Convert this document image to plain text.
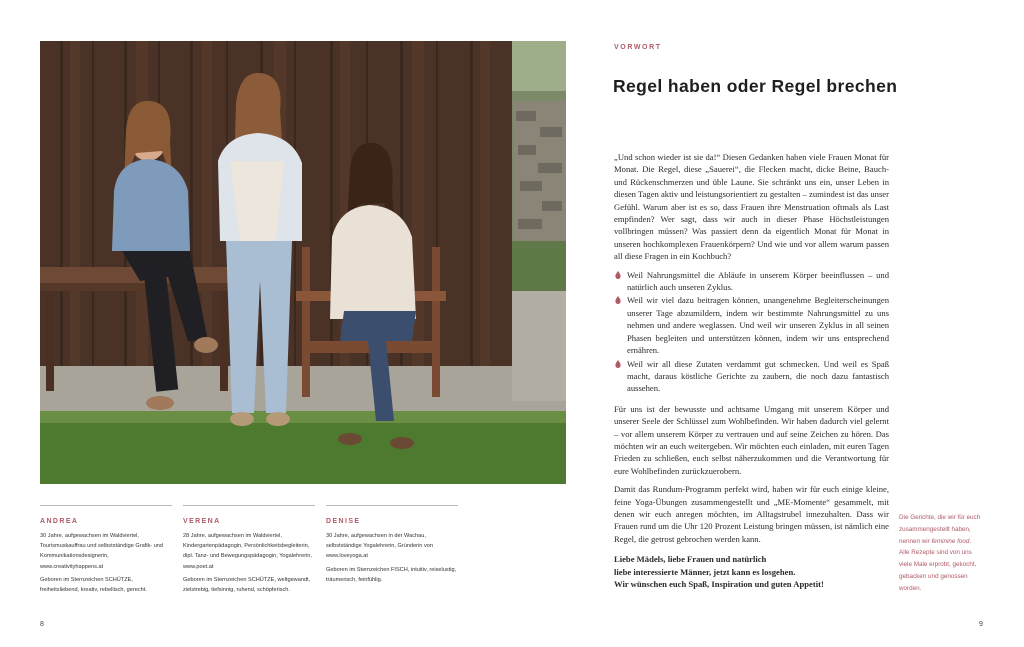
ANDREA
30 Jahre, aufgewachsen im Waldviertel, Tourismuskauffrau und selbstständige Grafik- und Kommunikationsdesignerin, www.creativityhappens.at
Geboren im Sternzeichen SCHÜTZE, freiheitsliebend, kreativ, rebellisch, gerecht.
VERENA
28 Jahre, aufgewachsen im Waldviertel, Kindergartenpädagogin, Persönlichkeitsbegleiterin, dipl. Tanz- und Bewegungspädagogin, Yogalehrerin, www.poet.at
Geboren im Sternzeichen SCHÜTZE, weltgewandt, zielstrebig, tiefsinnig, ruhend, schöpferisch.
DENISE
30 Jahre, aufgewachsen in der Wachau, selbstständige Yogalehrerin, Gründerin von www.loveyoga.at
Geboren im Sternzeichen FISCH, intuitiv, reiselustig, träumerisch, feinfühlig.
8
VORWORT
Regel haben oder Regel brechen

„Und schon wieder ist sie da!“ Diesen Gedanken haben viele Frauen Monat für Monat. Die Regel, diese „Sauerei“, die Flecken macht, dicke Beine, Bauch- und Rückenschmerzen und üble Laune. Sie schränkt uns ein, unser Leben in diesen Tagen aktiv und leistungsorientiert zu gestalten – zumindest ist das unser Gefühl. Warum aber ist es so, dass Frauen ihre Menstruation oftmals als Last empfinden? Wer sagt, dass wir auch in dieser Phase Höchstleistungen vollbringen müssen? Was passiert denn da eigentlich Monat für Monat in unseren hochkomplexen Frauenkörpern? Und wie und vor allem warum passen all diese Fragen in ein Kochbuch?

Weil Nahrungsmittel die Abläufe in unserem Körper beeinflussen – und natürlich auch unseren Zyklus.
Weil wir viel dazu beitragen können, unangenehme Begleiterscheinungen unserer Tage abzumildern, indem wir bestimmte Nahrungsmittel zu uns nehmen und andere weglassen. Und weil wir unseren Zyklus in all seinen Phasen begleiten und unterstützen können, indem wir uns entsprechend ernähren.
Weil wir all diese Zutaten verdammt gut schmecken. Und weil es Spaß macht, daraus köstliche Gerichte zu zaubern, die noch dazu fantastisch aussehen.

Für uns ist der bewusste und achtsame Umgang mit unserem Körper und unserer Seele der Schlüssel zum Wohlbefinden. Wir haben dadurch viel gelernt – vor allem unserem Körper zu vertrauen und auf seine Zeichen zu hören. Das möchten wir an euch weitergeben. Wir möchten euch einladen, mit euren Tagen Frieden zu schließen, euch selbst näherzukommen und die Verantwortung für eure Wohlbefinden zurückzuerobern.

Damit das Rundum-Programm perfekt wird, haben wir für euch einige kleine, feine Yoga-Übungen zusammengestellt und „ME-Momente“ gesammelt, mit denen wir euch anregen möchten, im Alltagstrubel innezuhalten. Dass wir Frauen rund um die Uhr 120 Prozent Leistung bringen müssen, ist nämlich eine Regel, die getrost gebrochen werden kann.

Liebe Mädels, liebe Frauen und natürlich
liebe interessierte Männer, jetzt kann es losgehen.
Wir wünschen euch Spaß, Inspiration und guten Appetit!
Die Gerichte, die wir für euch zusammengestellt haben, nennen wir feminine food. Alle Rezepte sind von uns viele Male erprobt, gekocht, gebacken und genossen worden.
9
